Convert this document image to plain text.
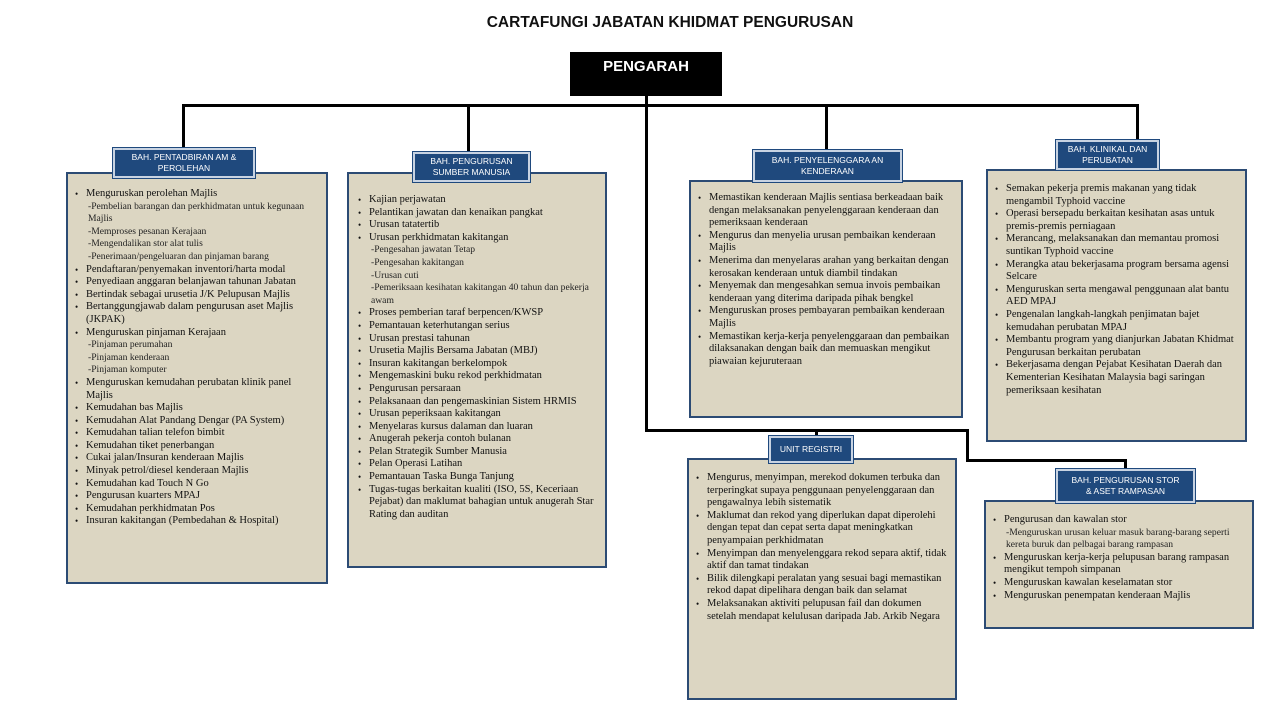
CARTAFUNGI JABATAN KHIDMAT PENGURUSAN
PENGARAH
• Menguruskan perolehan Majlis
-Pembelian barangan dan perkhidmatan untuk kegunaan Majlis
-Memproses pesanan Kerajaan
-Mengendalikan stor alat tulis
-Penerimaan/pengeluaran dan pinjaman barang
• Pendaftaran/penyemakan inventori/harta modal
• Penyediaan anggaran belanjawan tahunan Jabatan
• Bertindak sebagai urusetia J/K Pelupusan Majlis
• Bertanggungjawab dalam pengurusan aset Majlis (JKPAK)
• Menguruskan pinjaman Kerajaan
-Pinjaman perumahan
-Pinjaman kenderaan
-Pinjaman komputer
• Menguruskan kemudahan perubatan klinik panel Majlis
• Kemudahan bas Majlis
• Kemudahan Alat Pandang Dengar (PA System)
• Kemudahan talian telefon bimbit
• Kemudahan tiket penerbangan
• Cukai jalan/Insuran kenderaan Majlis
• Minyak petrol/diesel kenderaan Majlis
• Kemudahan kad Touch N Go
• Pengurusan kuarters MPAJ
• Kemudahan perkhidmatan Pos
• Insuran kakitangan (Pembedahan & Hospital)
BAH. PENTADBIRAN AM &
PEROLEHAN
• Kajian perjawatan
• Pelantikan jawatan dan kenaikan pangkat
• Urusan tatatertib
• Urusan perkhidmatan kakitangan
-Pengesahan jawatan Tetap
-Pengesahan kakitangan
-Urusan cuti
-Pemeriksaan kesihatan kakitangan 40 tahun dan pekerja awam
• Proses pemberian taraf berpencen/KWSP
• Pemantauan keterhutangan serius
• Urusan prestasi tahunan
• Urusetia Majlis Bersama Jabatan (MBJ)
• Insuran kakitangan berkelompok
• Mengemaskini buku rekod perkhidmatan
• Pengurusan persaraan
• Pelaksanaan dan pengemaskinian Sistem HRMIS
• Urusan peperiksaan kakitangan
• Menyelaras kursus dalaman dan luaran
• Anugerah pekerja contoh bulanan
• Pelan Strategik Sumber Manusia
• Pelan Operasi Latihan
• Pemantauan Taska Bunga Tanjung
• Tugas-tugas berkaitan kualiti (ISO, 5S, Keceriaan Pejabat) dan maklumat bahagian untuk anugerah Star Rating dan auditan
BAH. PENGURUSAN
SUMBER MANUSIA
• Memastikan kenderaan Majlis sentiasa berkeadaan baik dengan melaksanakan penyelenggaraan kenderaan dan pemeriksaan kenderaan
• Mengurus dan menyelia urusan pembaikan kenderaan Majlis
• Menerima dan menyelaras arahan yang berkaitan dengan kerosakan kenderaan untuk diambil tindakan
• Menyemak dan mengesahkan semua invois pembaikan kenderaan yang diterima daripada pihak bengkel
• Menguruskan proses pembayaran pembaikan kenderaan Majlis
• Memastikan kerja-kerja penyelenggaraan dan pembaikan dilaksanakan dengan baik dan memuaskan mengikut piawaian kejuruteraan
BAH. PENYELENGGARA AN
KENDERAAN
• Semakan pekerja premis makanan yang tidak mengambil Typhoid vaccine
• Operasi bersepadu berkaitan kesihatan asas untuk premis-premis perniagaan
• Merancang, melaksanakan dan memantau promosi suntikan Typhoid vaccine
• Merangka atau bekerjasama program bersama agensi Selcare
• Menguruskan serta mengawal penggunaan alat bantu AED MPAJ
• Pengenalan langkah-langkah penjimatan bajet kemudahan perubatan MPAJ
• Membantu program yang dianjurkan Jabatan Khidmat Pengurusan berkaitan perubatan
• Bekerjasama dengan Pejabat Kesihatan Daerah dan Kementerian Kesihatan Malaysia bagi saringan pemeriksaan kesihatan
BAH. KLINIKAL DAN
PERUBATAN
• Mengurus, menyimpan, merekod dokumen terbuka dan terperingkat supaya penggunaan penyelenggaraan dan pengawalnya lebih sistematik
• Maklumat dan rekod yang diperlukan dapat diperolehi dengan tepat dan cepat serta dapat meningkatkan penyampaian perkhidmatan
• Menyimpan dan menyelenggara rekod separa aktif, tidak aktif dan tamat tindakan
• Bilik dilengkapi peralatan yang sesuai bagi memastikan rekod dapat dipelihara dengan baik dan selamat
• Melaksanakan aktiviti pelupusan fail dan dokumen setelah mendapat kelulusan daripada Jab. Arkib Negara
UNIT REGISTRI
• Pengurusan dan kawalan stor
-Menguruskan urusan keluar masuk barang-barang seperti kereta buruk dan pelbagai barang rampasan
• Menguruskan kerja-kerja pelupusan barang rampasan mengikut tempoh simpanan
• Menguruskan kawalan keselamatan stor
• Menguruskan penempatan kenderaan Majlis
BAH. PENGURUSAN STOR
& ASET RAMPASAN
